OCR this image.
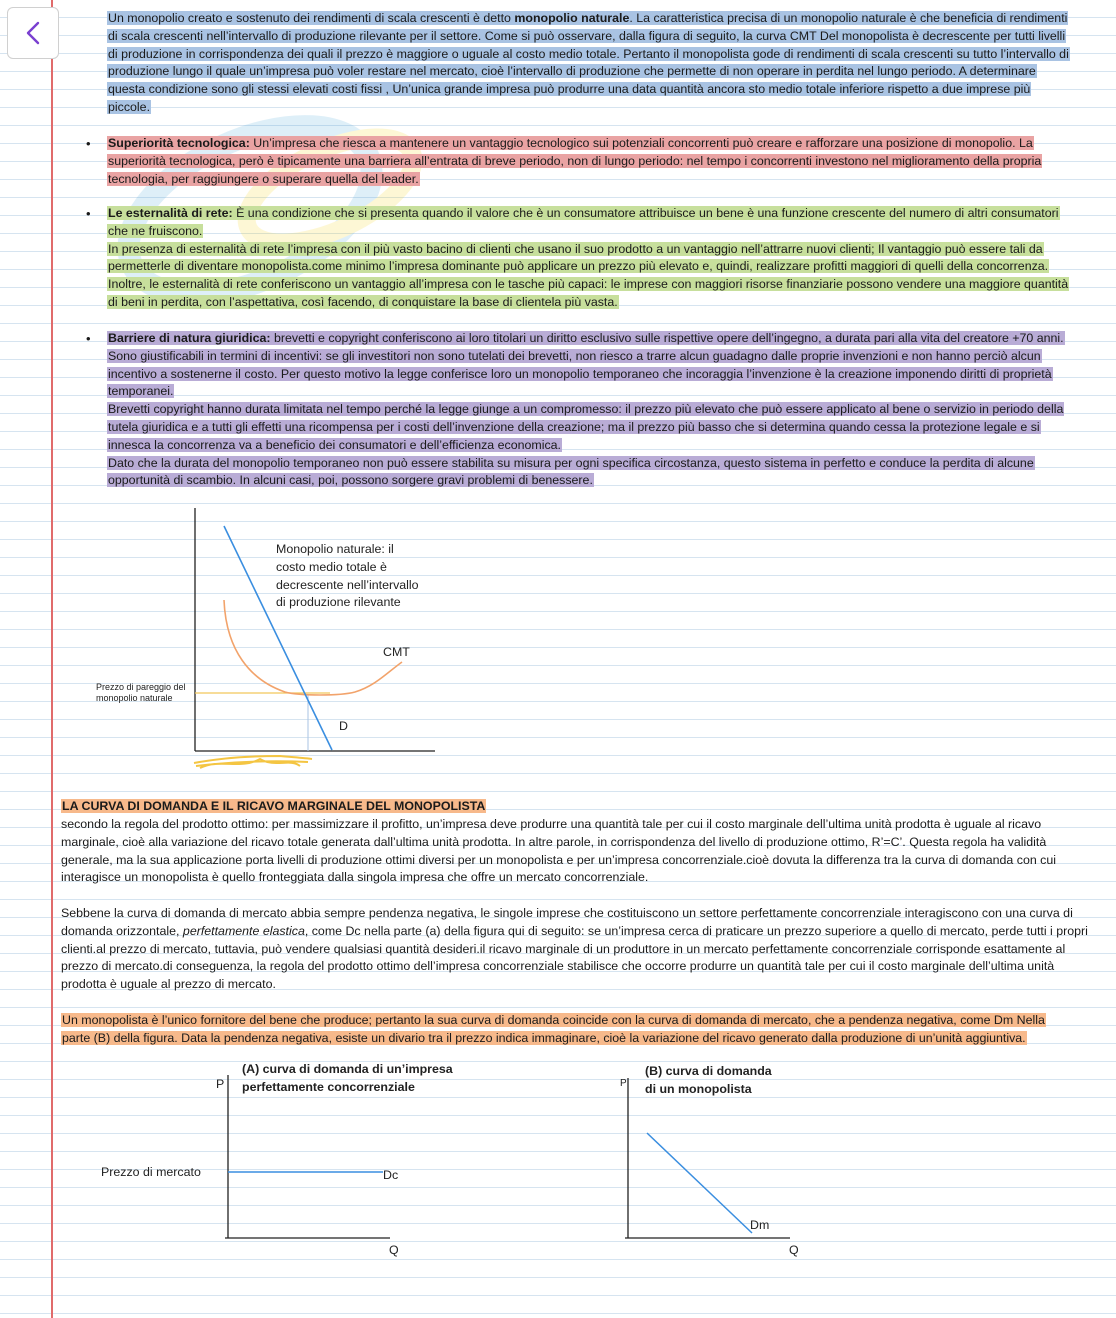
Un monopolio creato e sostenuto dei rendimenti di scala crescenti è detto monopolio naturale. La caratteristica precisa di un monopolio naturale è che beneficia di rendimenti di scala crescenti nell’intervallo di produzione rilevante per il settore. Come si può osservare, dalla figura di seguito, la curva CMT Del monopolista è decrescente per tutti livelli di produzione in corrispondenza dei quali il prezzo è maggiore o uguale al costo medio totale. Pertanto il monopolista gode di rendimenti di scala crescenti su tutto l’intervallo di produzione lungo il quale un’impresa può voler restare nel mercato, cioè l’intervallo di produzione che permette di non operare in perdita nel lungo periodo. A determinare questa condizione sono gli stessi elevati costi fissi , Un’unica grande impresa può produrre una data quantità ancora sto medio totale inferiore rispetto a due imprese più piccole.

• Superiorità tecnologica: Un’impresa che riesca a mantenere un vantaggio tecnologico sui potenziali concorrenti può creare e rafforzare una posizione di monopolio. La superiorità tecnologica, però è tipicamente una barriera all’entrata di breve periodo, non di lungo periodo: nel tempo i concorrenti investono nel miglioramento della propria tecnologia, per raggiungere o superare quella del leader.

• Le esternalità di rete: È una condizione che si presenta quando il valore che è un consumatore attribuisce un bene è una funzione crescente del numero di altri consumatori che ne fruiscono.
In presenza di esternalità di rete l’impresa con il più vasto bacino di clienti che usano il suo prodotto a un vantaggio nell’attrarre nuovi clienti; Il vantaggio può essere tali da permetterle di diventare monopolista.come minimo l’impresa dominante può applicare un prezzo più elevato e, quindi, realizzare profitti maggiori di quelli della concorrenza. Inoltre, le esternalità di rete conferiscono un vantaggio all’impresa con le tasche più capaci: le imprese con maggiori risorse finanziarie possono vendere una maggiore quantità di beni in perdita, con l’aspettativa, così facendo, di conquistare la base di clientela più vasta.

• Barriere di natura giuridica: brevetti e copyright conferiscono ai loro titolari un diritto esclusivo sulle rispettive opere dell’ingegno, a durata pari alla vita del creatore +70 anni. Sono giustificabili in termini di incentivi: se gli investitori non sono tutelati dei brevetti, non riesco a trarre alcun guadagno dalle proprie invenzioni e non hanno perciò alcun incentivo a sostenerne il costo. Per questo motivo la legge conferisce loro un monopolio temporaneo che incoraggia l’invenzione è la creazione imponendo diritti di proprietà temporanei.
Brevetti copyright hanno durata limitata nel tempo perché la legge giunge a un compromesso: il prezzo più elevato che può essere applicato al bene o servizio in periodo della tutela giuridica e a tutti gli effetti una ricompensa per i costi dell’invenzione della creazione; ma il prezzo più basso che si determina quando cessa la protezione legale e si innesca la concorrenza va a beneficio dei consumatori e dell’efficienza economica.
Dato che la durata del monopolio temporaneo non può essere stabilita su misura per ogni specifica circostanza, questo sistema in perfetto e conduce la perdita di alcune opportunità di scambio. In alcuni casi, poi, possono sorgere gravi problemi di benessere.

Monopolio naturale: il
costo medio totale è
decrescente nell’intervallo
di produzione rilevante
CMT
D
Prezzo di pareggio del
monopolio naturale

LA CURVA DI DOMANDA E IL RICAVO MARGINALE DEL MONOPOLISTA

secondo la regola del prodotto ottimo: per massimizzare il profitto, un’impresa deve produrre una quantità tale per cui il costo marginale dell’ultima unità prodotta è uguale al ricavo marginale, cioè alla variazione del ricavo totale generata dall’ultima unità prodotta. In altre parole, in corrispondenza del livello di produzione ottimo, R’=C’. Questa regola ha validità generale, ma la sua applicazione porta livelli di produzione ottimi diversi per un monopolista e per un’impresa concorrenziale.cioè dovuta la differenza tra la curva di domanda con cui interagisce un monopolista è quello fronteggiata dalla singola impresa che offre un mercato concorrenziale.

Sebbene la curva di domanda di mercato abbia sempre pendenza negativa, le singole imprese che costituiscono un settore perfettamente concorrenziale interagiscono con una curva di domanda orizzontale, perfettamente elastica, come Dc nella parte (a) della figura qui di seguito: se un’impresa cerca di praticare un prezzo superiore a quello di mercato, perde tutti i propri clienti.al prezzo di mercato, tuttavia, può vendere qualsiasi quantità desideri.il ricavo marginale di un produttore in un mercato perfettamente concorrenziale corrisponde esattamente al prezzo di mercato.di conseguenza, la regola del prodotto ottimo dell’impresa concorrenziale stabilisce che occorre produrre un quantità tale per cui il costo marginale dell’ultima unità prodotta è uguale al prezzo di mercato.

Un monopolista è l’unico fornitore del bene che produce; pertanto la sua curva di domanda coincide con la curva di domanda di mercato, che a pendenza negativa, come Dm Nella parte (B) della figura. Data la pendenza negativa, esiste un divario tra il prezzo indica immaginare, cioè la variazione del ricavo generato dalla produzione di un’unità aggiuntiva.

(A) curva di domanda di un’impresa
perfettamente concorrenziale
P
Prezzo di mercato	Dc
Q
(B) curva di domanda
di un monopolista
P
Dm
Q
